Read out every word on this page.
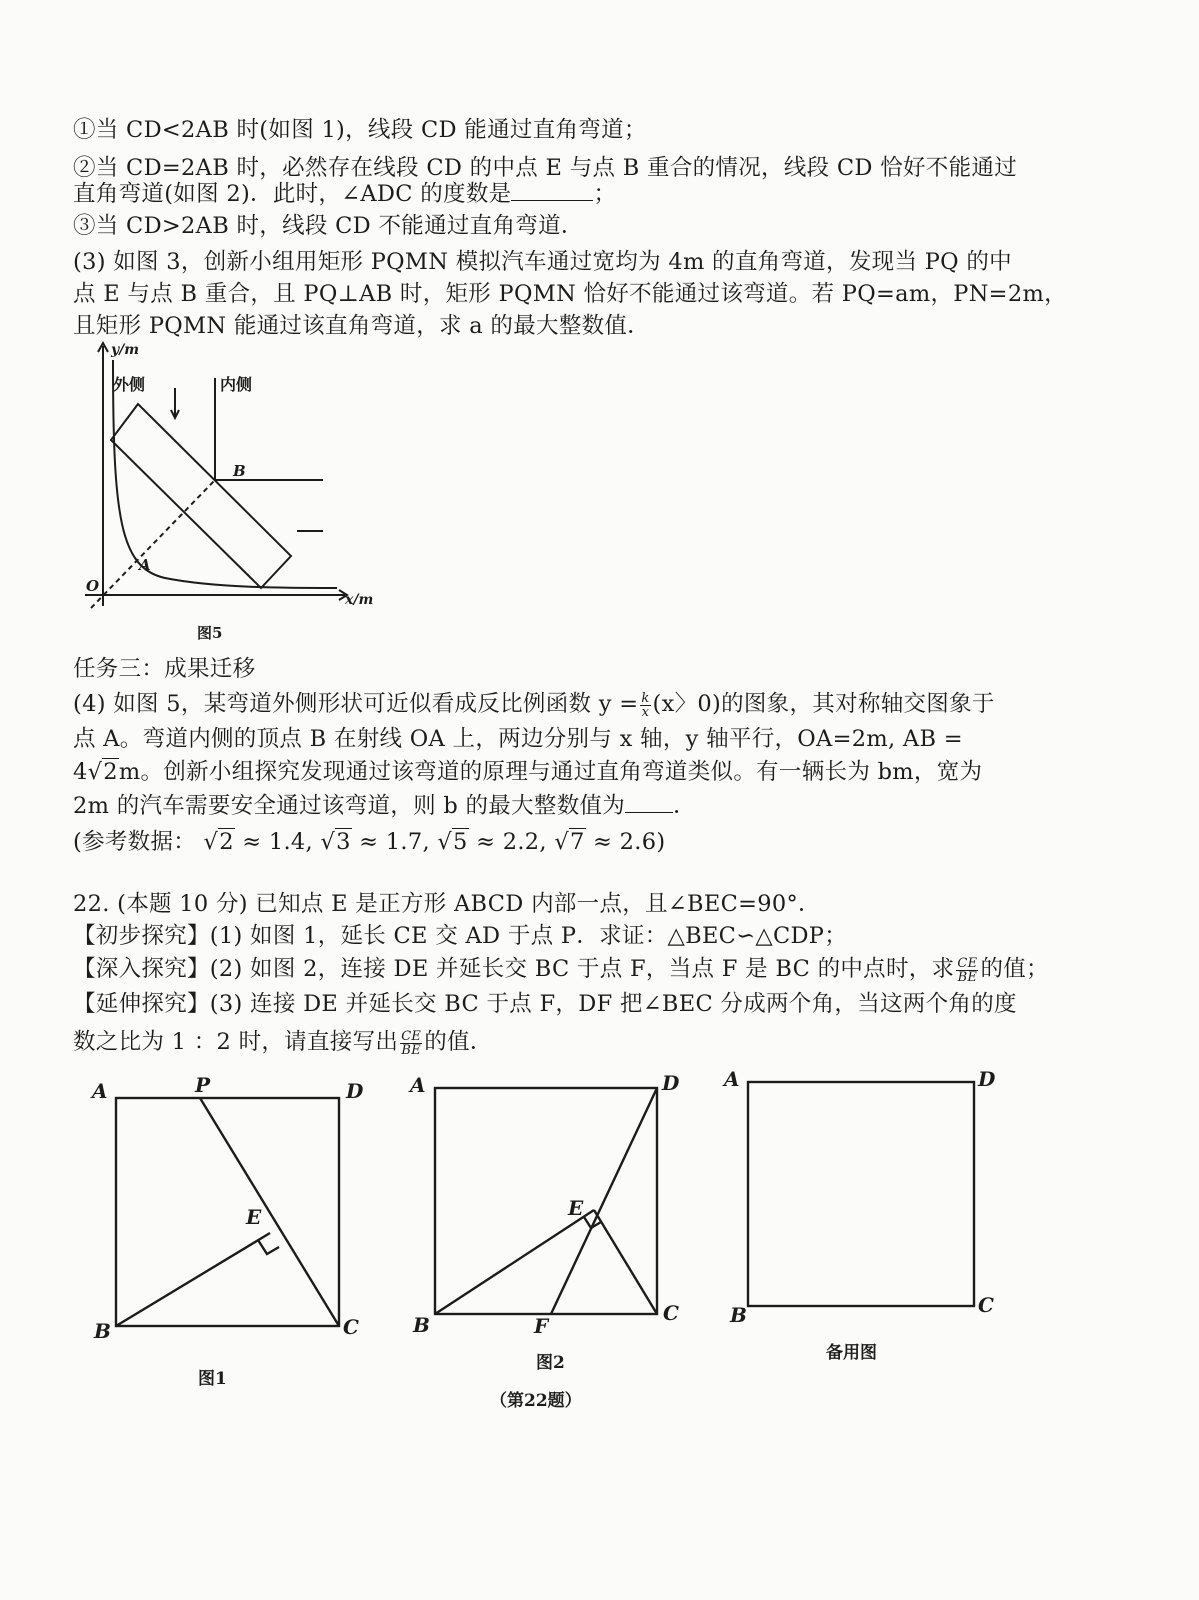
①当 CD<2AB 时(如图 1)，线段 CD 能通过直角弯道；
②当 CD=2AB 时，必然存在线段 CD 的中点 E 与点 B 重合的情况，线段 CD 恰好不能通过
直角弯道(如图 2)．此时，∠ADC 的度数是	；
③当 CD>2AB 时，线段 CD 不能通过直角弯道．
(3) 如图 3，创新小组用矩形 PQMN 模拟汽车通过宽均为 4m 的直角弯道，发现当 PQ 的中
点 E 与点 B 重合，且 PQ⊥AB 时，矩形 PQMN 恰好不能通过该弯道。若 PQ=am，PN=2m，
且矩形 PQMN 能通过该直角弯道，求 a 的最大整数值．
y/m
x/m
外侧	内侧
A
B
O
图5
任务三：成果迁移
(4) 如图 5，某弯道外侧形状可近似看成反比例函数 $y = \frac{k}{x} (x$〉0)的图象，其对称轴交图象于
点 A。弯道内侧的顶点 B 在射线 OA 上，两边分别与 x 轴，y 轴平行，OA=2m, AB =
4√2m。创新小组探究发现通过该弯道的原理与通过直角弯道类似。有一辆长为 bm，宽为
2m 的汽车需要安全通过该弯道，则 b 的最大整数值为 ．
(参考数据： √2 ≈ 1.4, √3 ≈ 1.7, √5 ≈ 2.2, √7 ≈ 2.6)
22. (本题 10 分) 已知点 E 是正方形 ABCD 内部一点，且∠BEC=90°．
【初步探究】(1) 如图 1，延长 CE 交 AD 于点 P．求证：△BEC∽△CDP；
【深入探究】(2) 如图 2，连接 DE 并延长交 BC 于点 F，当点 F 是 BC 的中点时，求 $\frac{CE}{BE}$ 的值；
【延伸探究】(3) 连接 DE 并延长交 BC 于点 F，DF 把∠BEC 分成两个角，当这两个角的度
数之比为 1 ：2 时，请直接写出 $\frac{CE}{BE}$ 的值．
A	P	D
E
B	C
A	D
E
B	F
C
A	D
B	C
图1
图2	备用图
（第22题）
